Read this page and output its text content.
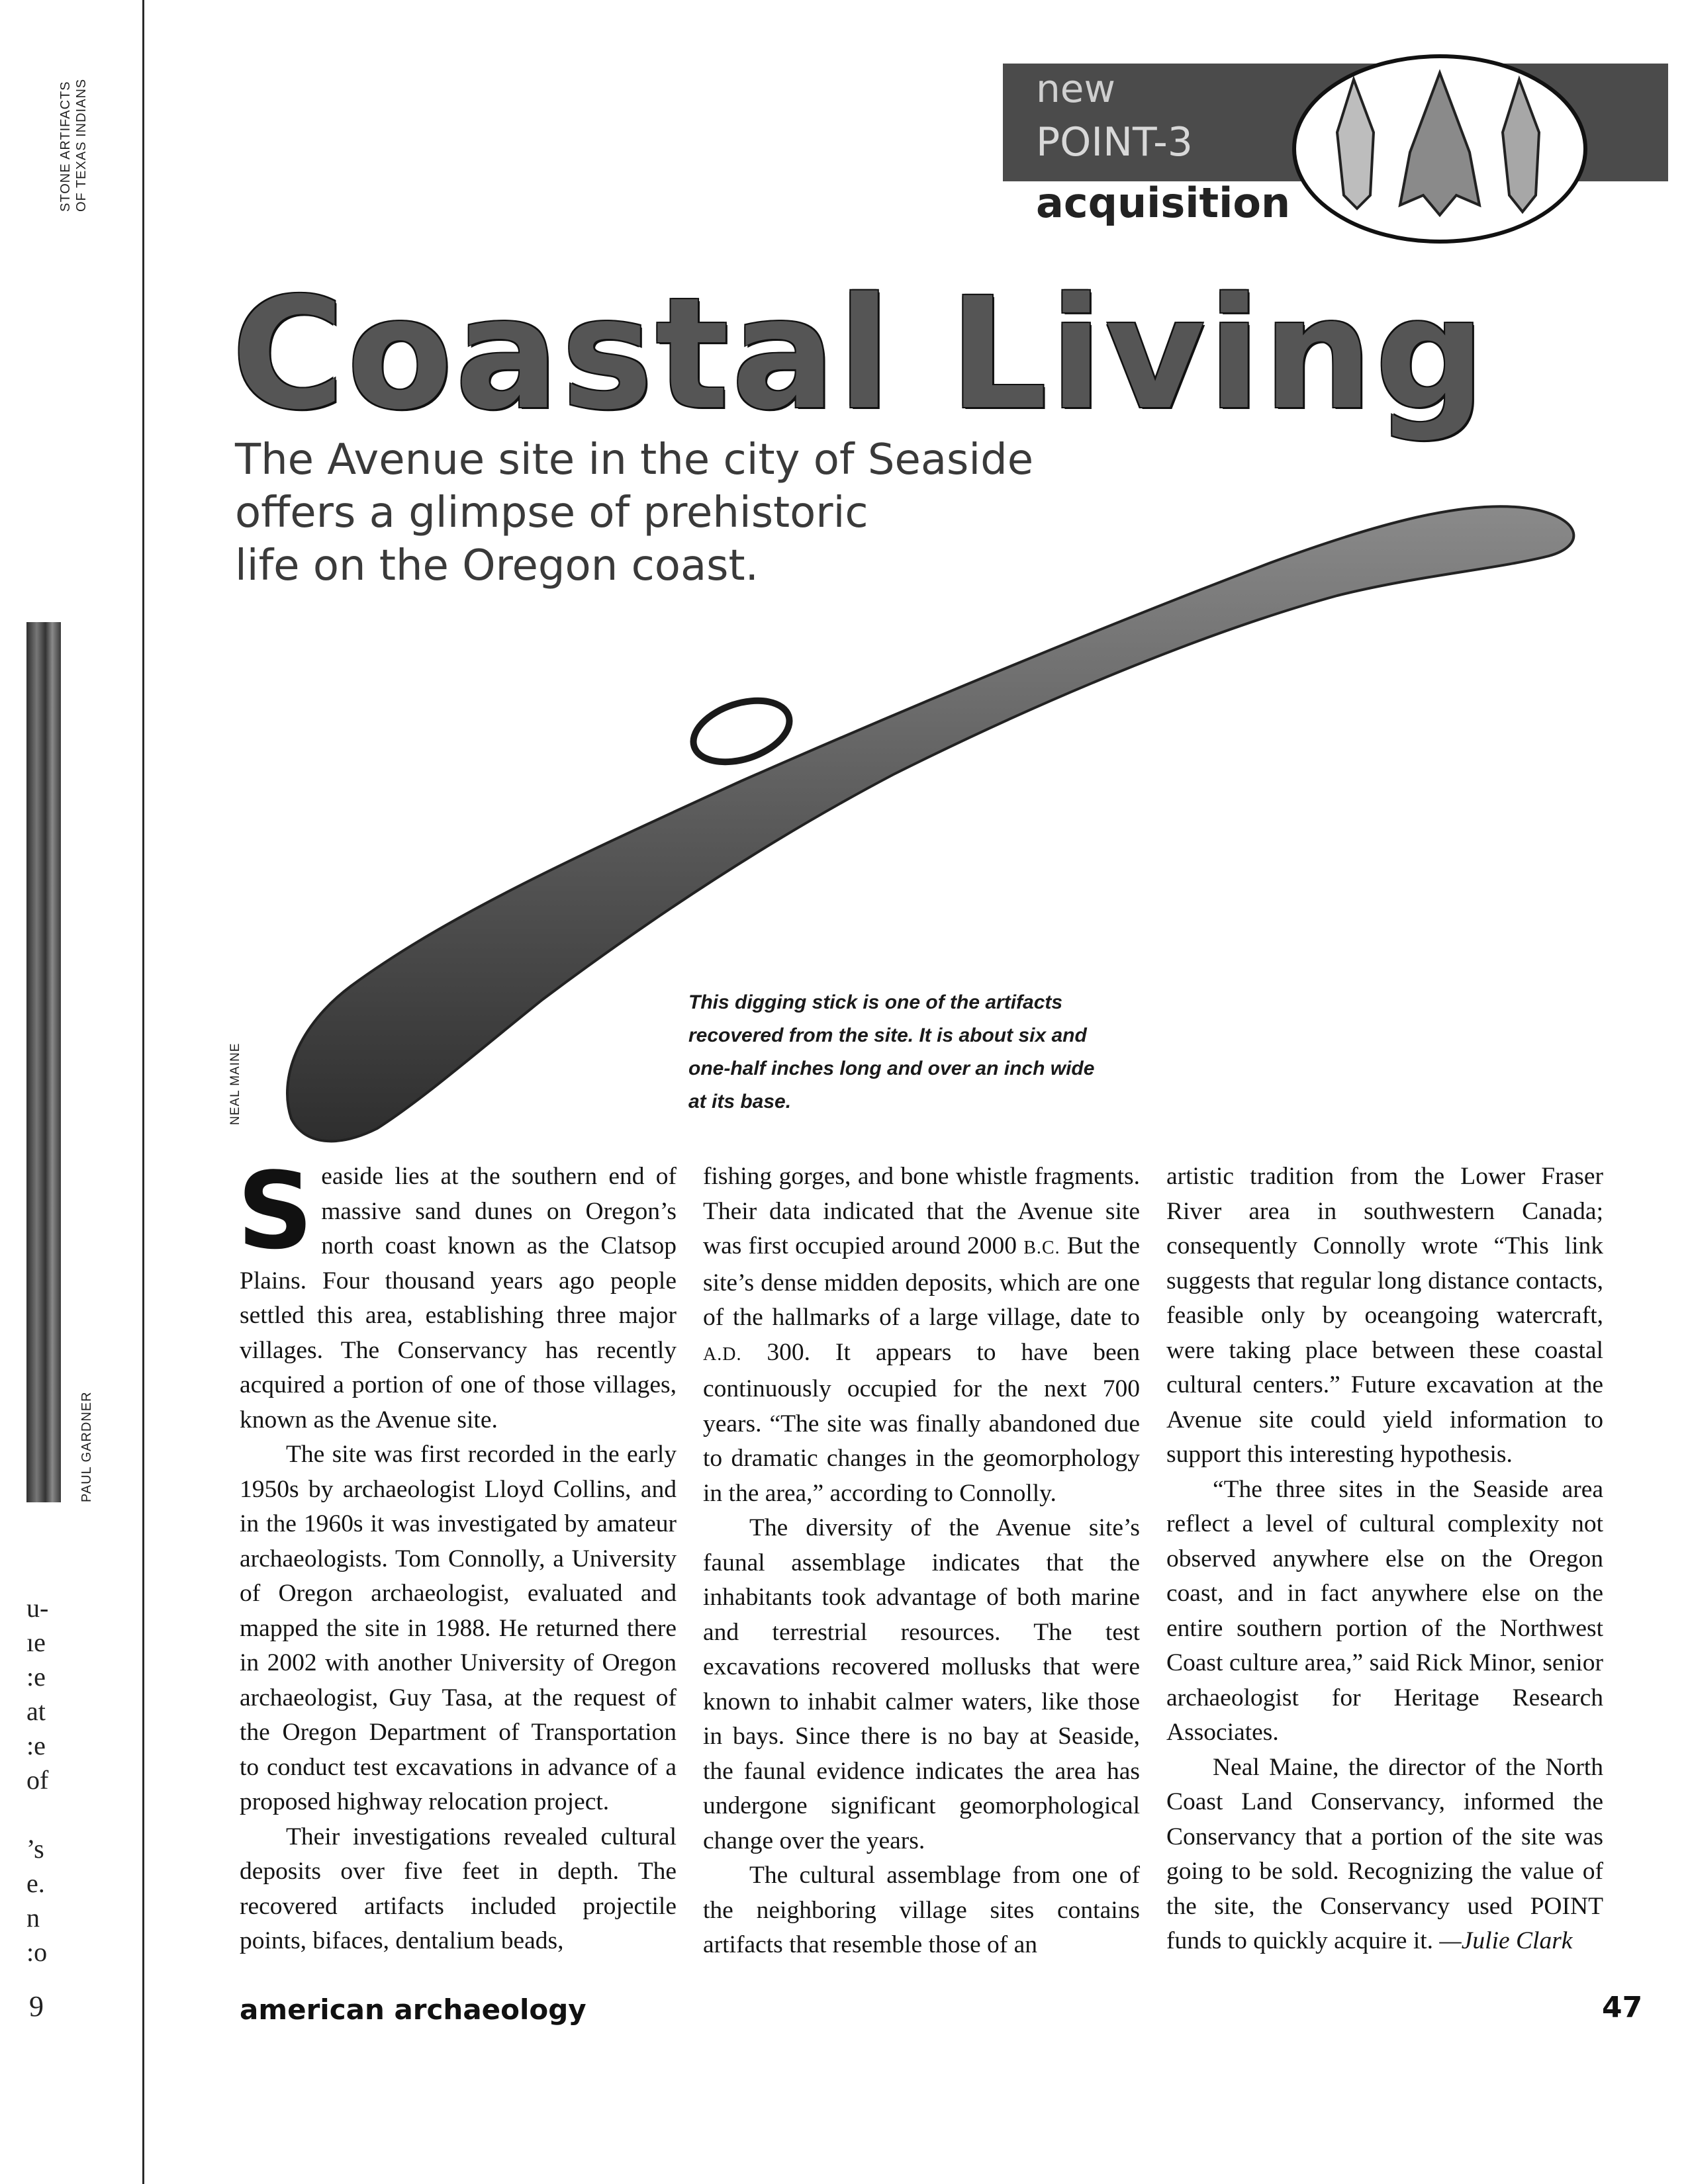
STONE ARTIFACTS OF TEXAS INDIANS
PAUL GARDNER
u-
ıe
:e
at
:e
of
’s
e.
n
:o
9
new
POINT-3
acquisition
Coastal Living
The Avenue site in the city of Seaside
offers a glimpse of prehistoric
life on the Oregon coast.
NEAL MAINE
This digging stick is one of the artifacts recovered from the site. It is about six and one-half inches long and over an inch wide at its base.

Seaside lies at the southern end of massive sand dunes on Oregon’s north coast known as the Clatsop Plains. Four thousand years ago people settled this area, establishing three major villages. The Conservancy has recently acquired a portion of one of those villages, known as the Avenue site.

The site was first recorded in the early 1950s by archaeologist Lloyd Collins, and in the 1960s it was investigated by amateur archaeologists. Tom Connolly, a University of Oregon archaeologist, evaluated and mapped the site in 1988. He returned there in 2002 with another University of Oregon archaeologist, Guy Tasa, at the request of the Oregon Department of Transportation to conduct test excavations in advance of a proposed highway relocation project.

Their investigations revealed cultural deposits over five feet in depth. The recovered artifacts included projectile points, bifaces, dentalium beads,

fishing gorges, and bone whistle fragments. Their data indicated that the Avenue site was first occupied around 2000 B.C. But the site’s dense midden deposits, which are one of the hallmarks of a large village, date to A.D. 300. It appears to have been continuously occupied for the next 700 years. “The site was finally abandoned due to dramatic changes in the geomorphology in the area,” according to Connolly.

The diversity of the Avenue site’s faunal assemblage indicates that the inhabitants took advantage of both marine and terrestrial resources. The test excavations recovered mollusks that were known to inhabit calmer waters, like those in bays. Since there is no bay at Seaside, the faunal evidence indicates the area has undergone significant geomorphological change over the years.

The cultural assemblage from one of the neighboring village sites contains artifacts that resemble those of an

artistic tradition from the Lower Fraser River area in southwestern Canada; consequently Connolly wrote “This link suggests that regular long distance contacts, feasible only by oceangoing watercraft, were taking place between these coastal cultural centers.” Future excavation at the Avenue site could yield information to support this interesting hypothesis.

“The three sites in the Seaside area reflect a level of cultural complexity not observed anywhere else on the Oregon coast, and in fact anywhere else on the entire southern portion of the Northwest Coast culture area,” said Rick Minor, senior archaeologist for Heritage Research Associates.

Neal Maine, the director of the North Coast Land Conservancy, informed the Conservancy that a portion of the site was going to be sold. Recognizing the value of the site, the Conservancy used POINT funds to quickly acquire it. —Julie Clark

american archaeology	47
